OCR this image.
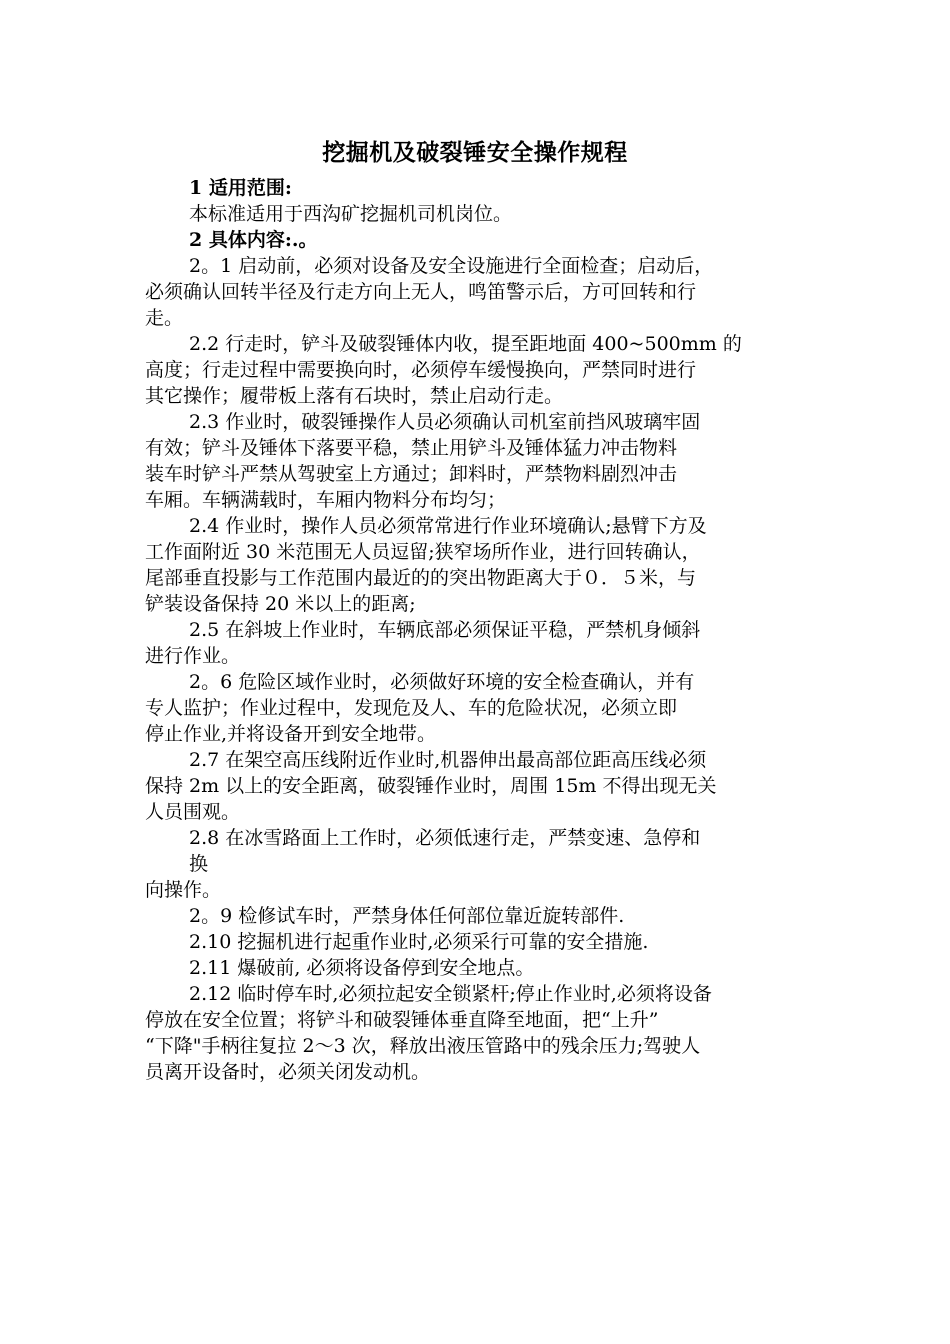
挖掘机及破裂锤安全操作规程
1 适用范围:
本标准适用于西沟矿挖掘机司机岗位。
2 具体内容:.。
2。1 启动前，必须对设备及安全设施进行全面检查；启动后，
必须确认回转半径及行走方向上无人，鸣笛警示后，方可回转和行
走。
2.2 行走时，铲斗及破裂锤体内收，提至距地面 400~500mm 的
高度；行走过程中需要换向时，必须停车缓慢换向，严禁同时进行
其它操作；履带板上落有石块时，禁止启动行走。
2.3 作业时，破裂锤操作人员必须确认司机室前挡风玻璃牢固
有效；铲斗及锤体下落要平稳，禁止用铲斗及锤体猛力冲击物料
装车时铲斗严禁从驾驶室上方通过；卸料时，严禁物料剧烈冲击
车厢。车辆满载时，车厢内物料分布均匀；
2.4 作业时，操作人员必须常常进行作业环境确认;悬臂下方及
工作面附近 30 米范围无人员逗留;狭窄场所作业，进行回转确认，
尾部垂直投影与工作范围内最近的的突出物距离大于０．５米，与
铲装设备保持 20 米以上的距离;
2.5 在斜坡上作业时，车辆底部必须保证平稳，严禁机身倾斜
进行作业。
2。6 危险区域作业时，必须做好环境的安全检查确认，并有
专人监护；作业过程中，发现危及人、车的危险状况，必须立即
停止作业,并将设备开到安全地带。
2.7 在架空高压线附近作业时,机器伸出最高部位距高压线必须
保持 2m 以上的安全距离，破裂锤作业时，周围 15m 不得出现无关
人员围观。
2.8 在冰雪路面上工作时，必须低速行走，严禁变速、急停和
换
向操作。
2。9 检修试车时，严禁身体任何部位靠近旋转部件.
2.10 挖掘机进行起重作业时,必须采行可靠的安全措施.
2.11 爆破前, 必须将设备停到安全地点。
2.12 临时停车时,必须拉起安全锁紧杆;停止作业时,必须将设备
停放在安全位置；将铲斗和破裂锤体垂直降至地面，把“上升”
“下降"手柄往复拉 2～3 次，释放出液压管路中的残余压力;驾驶人
员离开设备时，必须关闭发动机。
